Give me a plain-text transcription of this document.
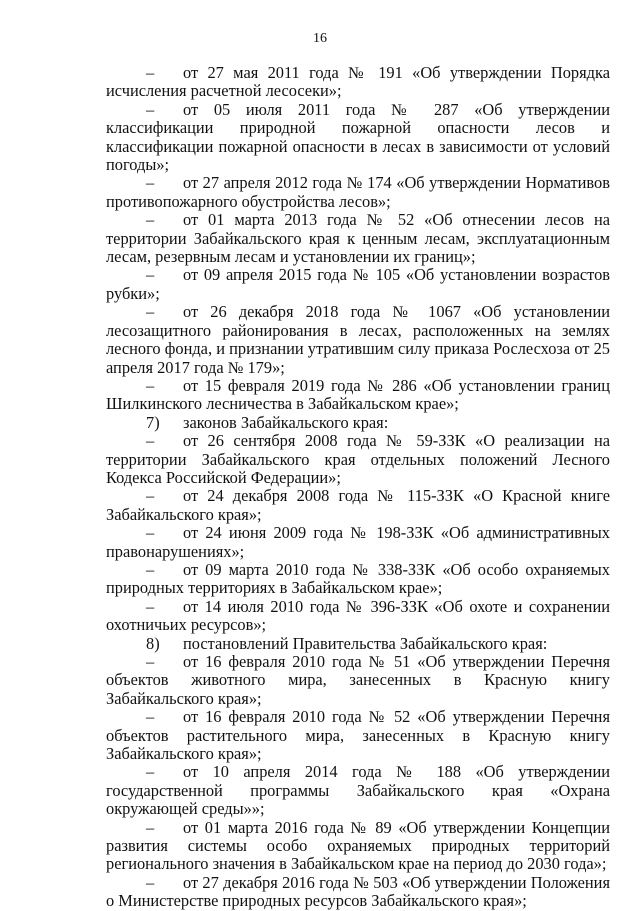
16

– от 27 мая 2011 года № 191 «Об утверждении Порядка исчисления расчетной лесосеки»;

– от 05 июля 2011 года № 287 «Об утверждении классификации природной пожарной опасности лесов и классификации пожарной опасности в лесах в зависимости от условий погоды»;

– от 27 апреля 2012 года № 174 «Об утверждении Нормативов противопожарного обустройства лесов»;

– от 01 марта 2013 года № 52 «Об отнесении лесов на территории Забайкальского края к ценным лесам, эксплуатационным лесам, резервным лесам и установлении их границ»;

– от 09 апреля 2015 года № 105 «Об установлении возрастов рубки»;

– от 26 декабря 2018 года № 1067 «Об установлении лесозащитного районирования в лесах, расположенных на землях лесного фонда, и признании утратившим силу приказа Рослесхоза от 25 апреля 2017 года № 179»;

– от 15 февраля 2019 года № 286 «Об установлении границ Шилкинского лесничества в Забайкальском крае»;

7) законов Забайкальского края:

– от 26 сентября 2008 года № 59-ЗЗК «О реализации на территории Забайкальского края отдельных положений Лесного Кодекса Российской Федерации»;

– от 24 декабря 2008 года № 115-ЗЗК «О Красной книге Забайкальского края»;

– от 24 июня 2009 года № 198-ЗЗК «Об административных правонарушениях»;

– от 09 марта 2010 года № 338-ЗЗК «Об особо охраняемых природных территориях в Забайкальском крае»;

– от 14 июля 2010 года № 396-ЗЗК «Об охоте и сохранении охотничьих ресурсов»;

8) постановлений Правительства Забайкальского края:

– от 16 февраля 2010 года № 51 «Об утверждении Перечня объектов животного мира, занесенных в Красную книгу Забайкальского края»;

– от 16 февраля 2010 года № 52 «Об утверждении Перечня объектов растительного мира, занесенных в Красную книгу Забайкальского края»;

– от 10 апреля 2014 года № 188 «Об утверждении государственной программы Забайкальского края «Охрана окружающей среды»»;

– от 01 марта 2016 года № 89 «Об утверждении Концепции развития системы особо охраняемых природных территорий регионального значения в Забайкальском крае на период до 2030 года»;

– от 27 декабря 2016 года № 503 «Об утверждении Положения о Министерстве природных ресурсов Забайкальского края»;
